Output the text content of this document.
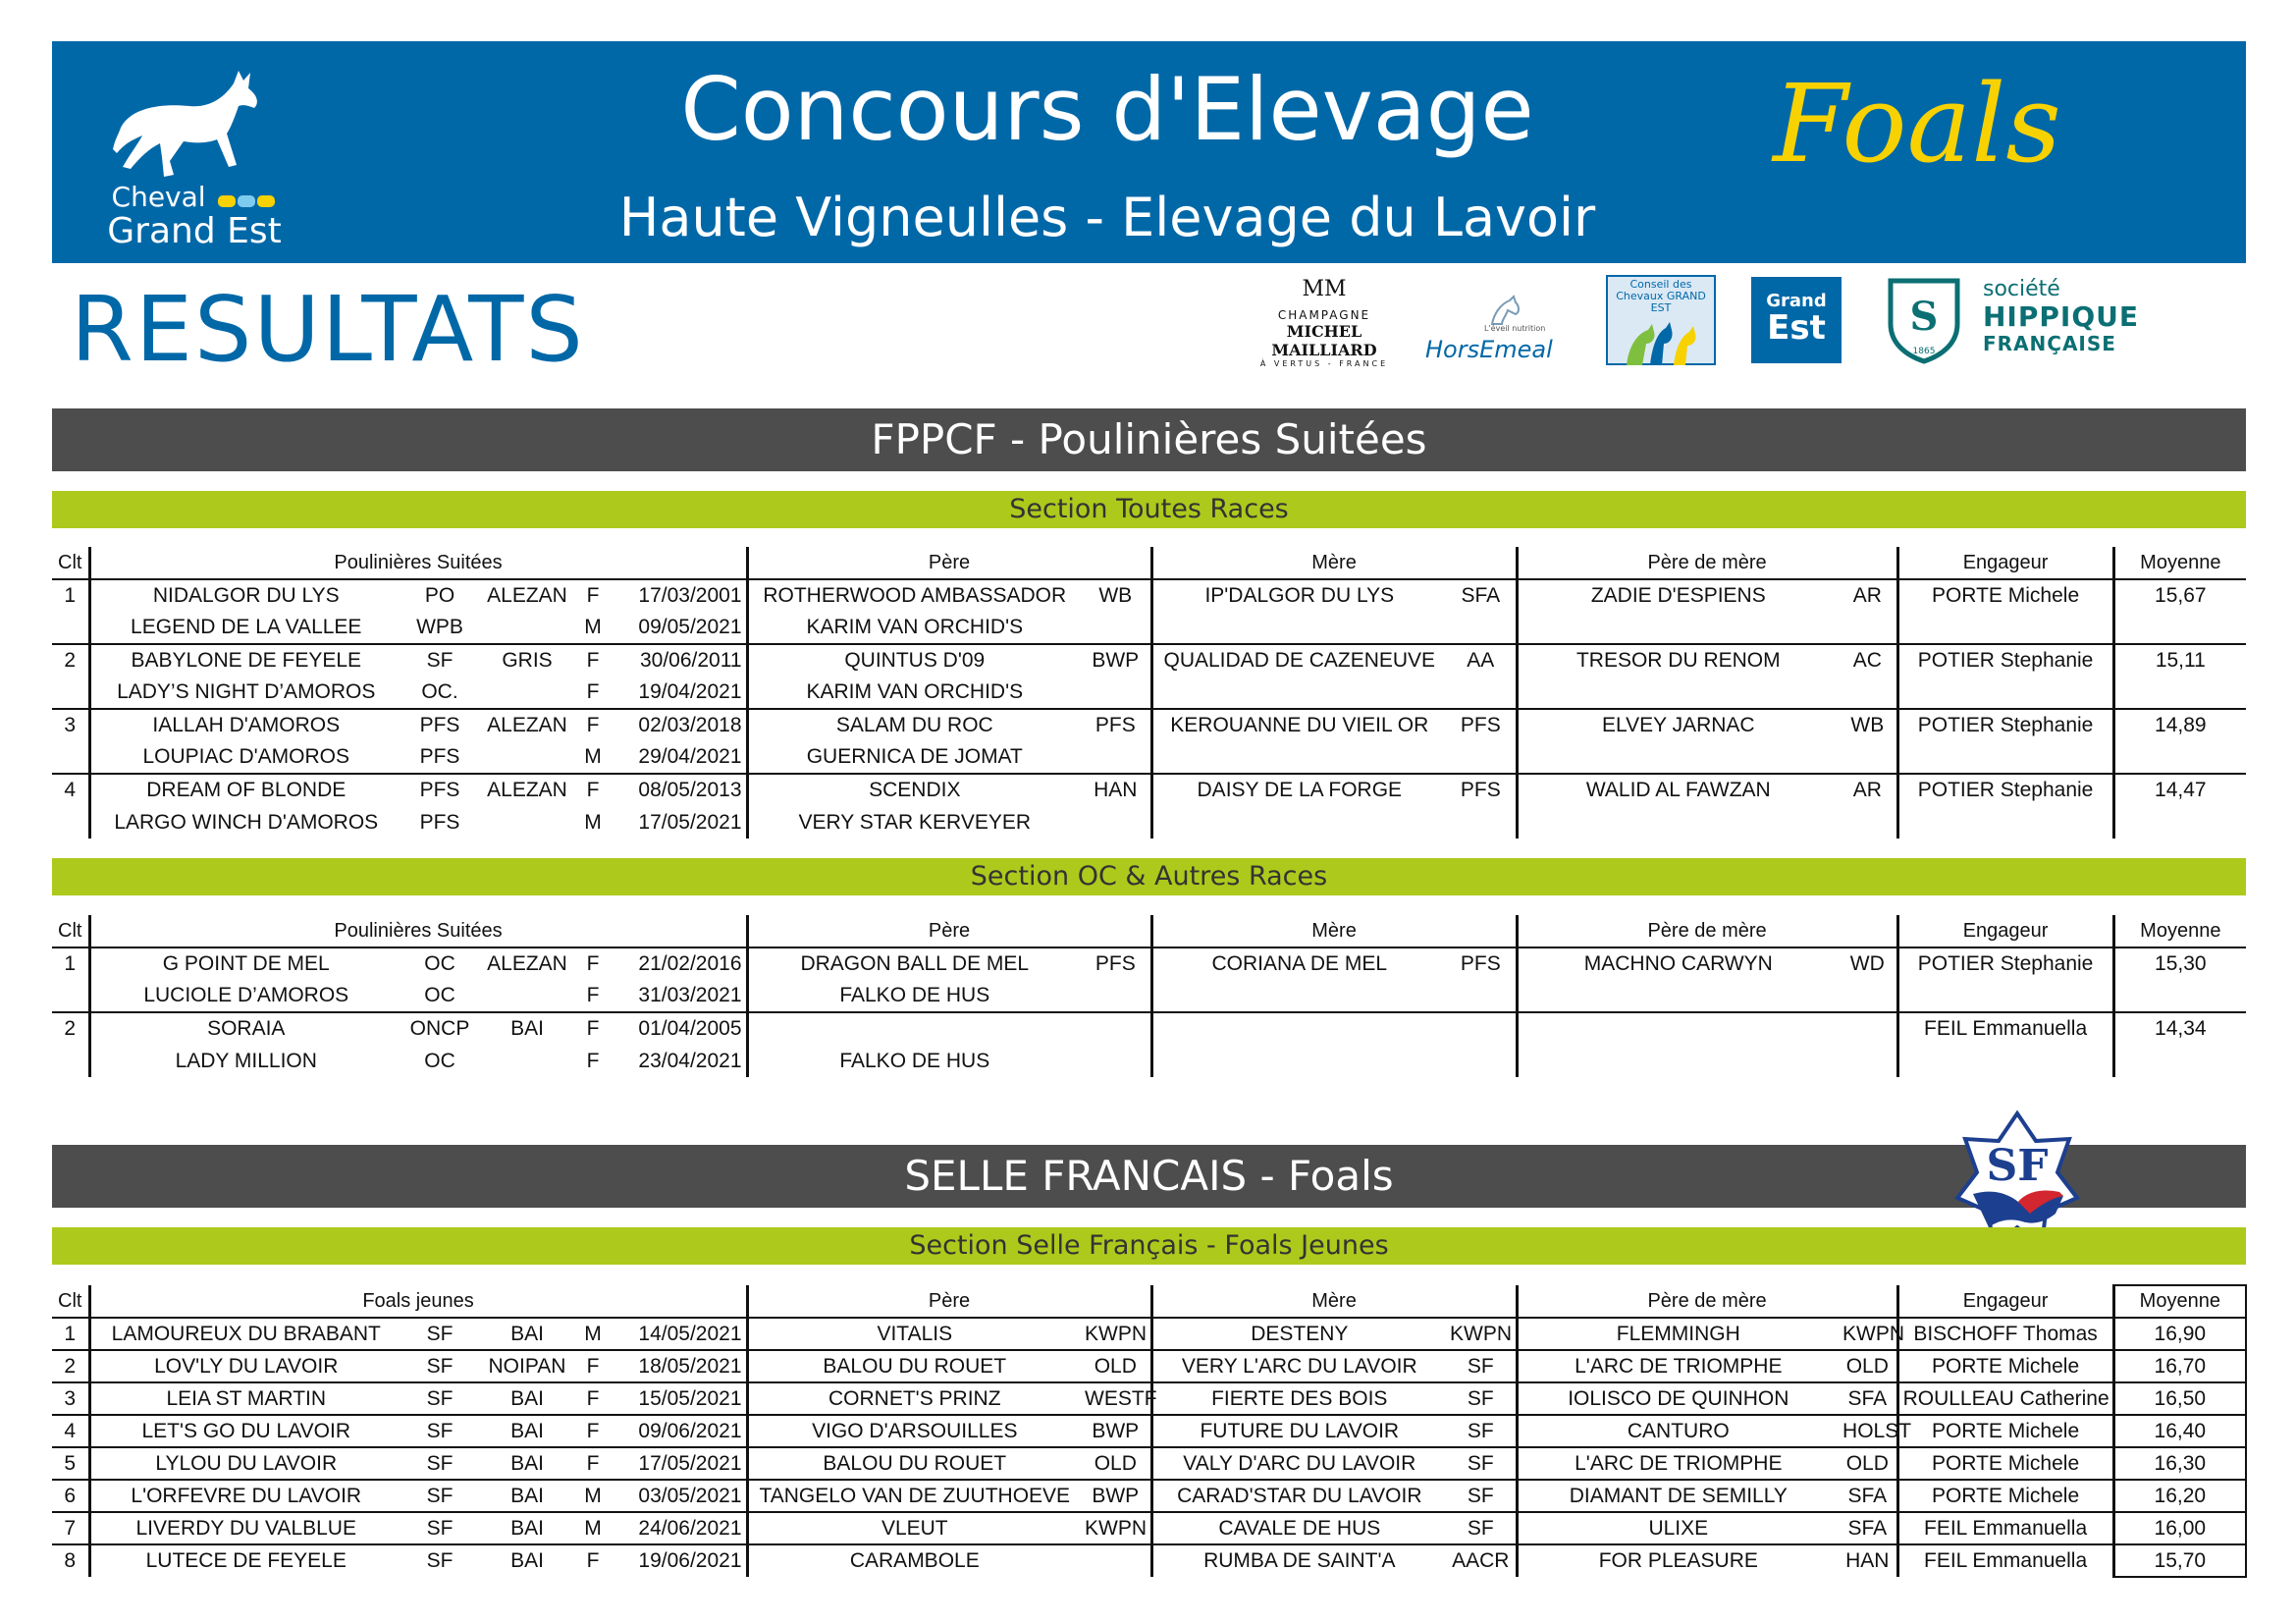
Cheval
Grand Est
Concours d'Elevage
Haute Vigneulles - Elevage du Lavoir
Foals
RESULTATS	MM
CHAMPAGNE
MICHEL MAILLIARD
À VERTUS - FRANCE
L'éveil nutrition
HorsEmeal
Conseil des Chevaux GRAND EST	Grand
Est	S
1865
société
HIPPIQUE
FRANÇAISE
FPPCF - Poulinières Suitées
Section Toutes Races
Clt	Poulinières Suitées					Père		Mère		Père de mère		Engageur	Moyenne
1	NIDALGOR DU LYS	PO	ALEZAN	F	17/03/2001	ROTHERWOOD AMBASSADOR	WB	IP'DALGOR DU LYS	SFA	ZADIE D'ESPIENS	AR	PORTE Michele	15,67
	LEGEND DE LA VALLEE	WPB		M	09/05/2021	KARIM VAN ORCHID'S							
2	BABYLONE DE FEYELE	SF	GRIS	F	30/06/2011	QUINTUS D'09	BWP	QUALIDAD DE CAZENEUVE	AA	TRESOR DU RENOM	AC	POTIER Stephanie	15,11
	LADY’S NIGHT D’AMOROS	OC.		F	19/04/2021	KARIM VAN ORCHID'S							
3	IALLAH D'AMOROS	PFS	ALEZAN	F	02/03/2018	SALAM DU ROC	PFS	KEROUANNE DU VIEIL OR	PFS	ELVEY JARNAC	WB	POTIER Stephanie	14,89
	LOUPIAC D'AMOROS	PFS		M	29/04/2021	GUERNICA DE JOMAT							
4	DREAM OF BLONDE	PFS	ALEZAN	F	08/05/2013	SCENDIX	HAN	DAISY DE LA FORGE	PFS	WALID AL FAWZAN	AR	POTIER Stephanie	14,47
	LARGO WINCH D'AMOROS	PFS		M	17/05/2021	VERY STAR KERVEYER							
Section OC & Autres Races
Clt	Poulinières Suitées					Père		Mère		Père de mère		Engageur	Moyenne
1	G POINT DE MEL	OC	ALEZAN	F	21/02/2016	DRAGON BALL DE MEL	PFS	CORIANA DE MEL	PFS	MACHNO CARWYN	WD	POTIER Stephanie	15,30
	LUCIOLE D’AMOROS	OC		F	31/03/2021	FALKO DE HUS							
2	SORAIA	ONCP	BAI	F	01/04/2005							FEIL Emmanuella	14,34
	LADY MILLION	OC		F	23/04/2021	FALKO DE HUS							
SELLE FRANCAIS - Foals	SF
Section Selle Français - Foals Jeunes
Clt	Foals jeunes					Père		Mère		Père de mère		Engageur	Moyenne
1	LAMOUREUX DU BRABANT	SF	BAI	M	14/05/2021	VITALIS	KWPN	DESTENY	KWPN	FLEMMINGH	KWPN	BISCHOFF Thomas	16,90
2	LOV'LY DU LAVOIR	SF	NOIPAN	F	18/05/2021	BALOU DU ROUET	OLD	VERY L'ARC DU LAVOIR	SF	L'ARC DE TRIOMPHE	OLD	PORTE Michele	16,70
3	LEIA ST MARTIN	SF	BAI	F	15/05/2021	CORNET'S PRINZ	WESTF	FIERTE DES BOIS	SF	IOLISCO DE QUINHON	SFA	ROULLEAU Catherine	16,50
4	LET'S GO DU LAVOIR	SF	BAI	F	09/06/2021	VIGO D'ARSOUILLES	BWP	FUTURE DU LAVOIR	SF	CANTURO	HOLST	PORTE Michele	16,40
5	LYLOU DU LAVOIR	SF	BAI	F	17/05/2021	BALOU DU ROUET	OLD	VALY D'ARC DU LAVOIR	SF	L'ARC DE TRIOMPHE	OLD	PORTE Michele	16,30
6	L'ORFEVRE DU LAVOIR	SF	BAI	M	03/05/2021	TANGELO VAN DE ZUUTHOEVE	BWP	CARAD'STAR DU LAVOIR	SF	DIAMANT DE SEMILLY	SFA	PORTE Michele	16,20
7	LIVERDY DU VALBLUE	SF	BAI	M	24/06/2021	VLEUT	KWPN	CAVALE DE HUS	SF	ULIXE	SFA	FEIL Emmanuella	16,00
8	LUTECE DE FEYELE	SF	BAI	F	19/06/2021	CARAMBOLE		RUMBA DE SAINT'A	AACR	FOR PLEASURE	HAN	FEIL Emmanuella	15,70
